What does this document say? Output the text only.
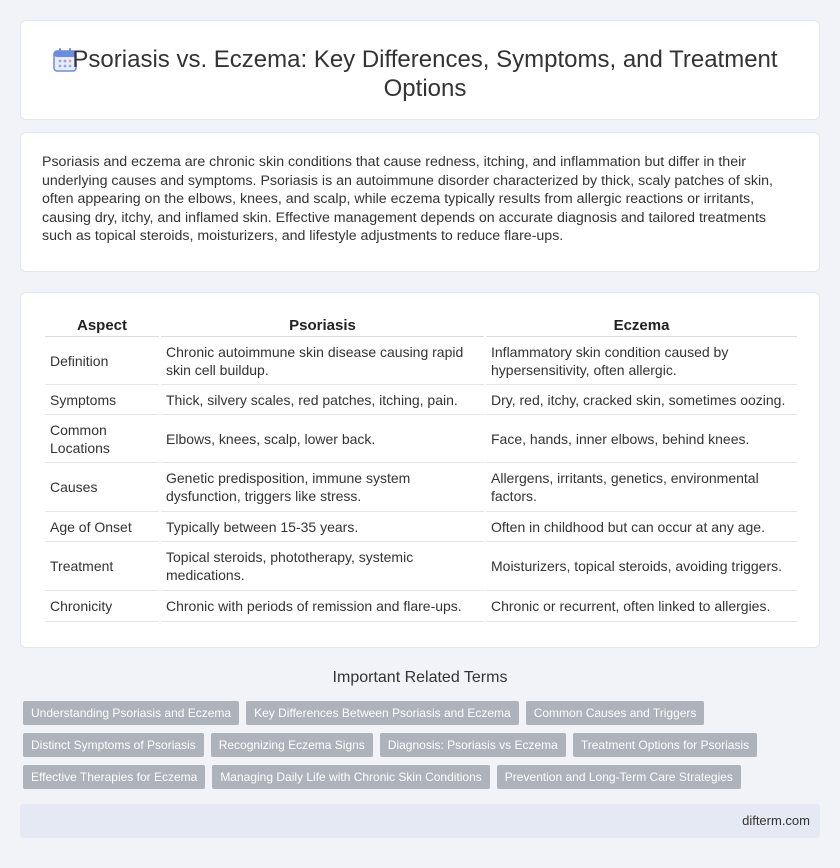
Psoriasis vs. Eczema: Key Differences, Symptoms, and Treatment Options

Psoriasis and eczema are chronic skin conditions that cause redness, itching, and inflammation but differ in their underlying causes and symptoms. Psoriasis is an autoimmune disorder characterized by thick, scaly patches of skin, often appearing on the elbows, knees, and scalp, while eczema typically results from allergic reactions or irritants, causing dry, itchy, and inflamed skin. Effective management depends on accurate diagnosis and tailored treatments such as topical steroids, moisturizers, and lifestyle adjustments to reduce flare-ups.

Aspect	Psoriasis	Eczema
Definition	Chronic autoimmune skin disease causing rapid skin cell buildup.	Inflammatory skin condition caused by hypersensitivity, often allergic.
Symptoms	Thick, silvery scales, red patches, itching, pain.	Dry, red, itchy, cracked skin, sometimes oozing.
Common Locations	Elbows, knees, scalp, lower back.	Face, hands, inner elbows, behind knees.
Causes	Genetic predisposition, immune system dysfunction, triggers like stress.	Allergens, irritants, genetics, environmental factors.
Age of Onset	Typically between 15-35 years.	Often in childhood but can occur at any age.
Treatment	Topical steroids, phototherapy, systemic medications.	Moisturizers, topical steroids, avoiding triggers.
Chronicity	Chronic with periods of remission and flare-ups.	Chronic or recurrent, often linked to allergies.
Important Related Terms
Understanding Psoriasis and Eczema	Key Differences Between Psoriasis and Eczema	Common Causes and Triggers
Distinct Symptoms of Psoriasis	Recognizing Eczema Signs	Diagnosis: Psoriasis vs Eczema	Treatment Options for Psoriasis
Effective Therapies for Eczema	Managing Daily Life with Chronic Skin Conditions	Prevention and Long-Term Care Strategies
difterm.com
